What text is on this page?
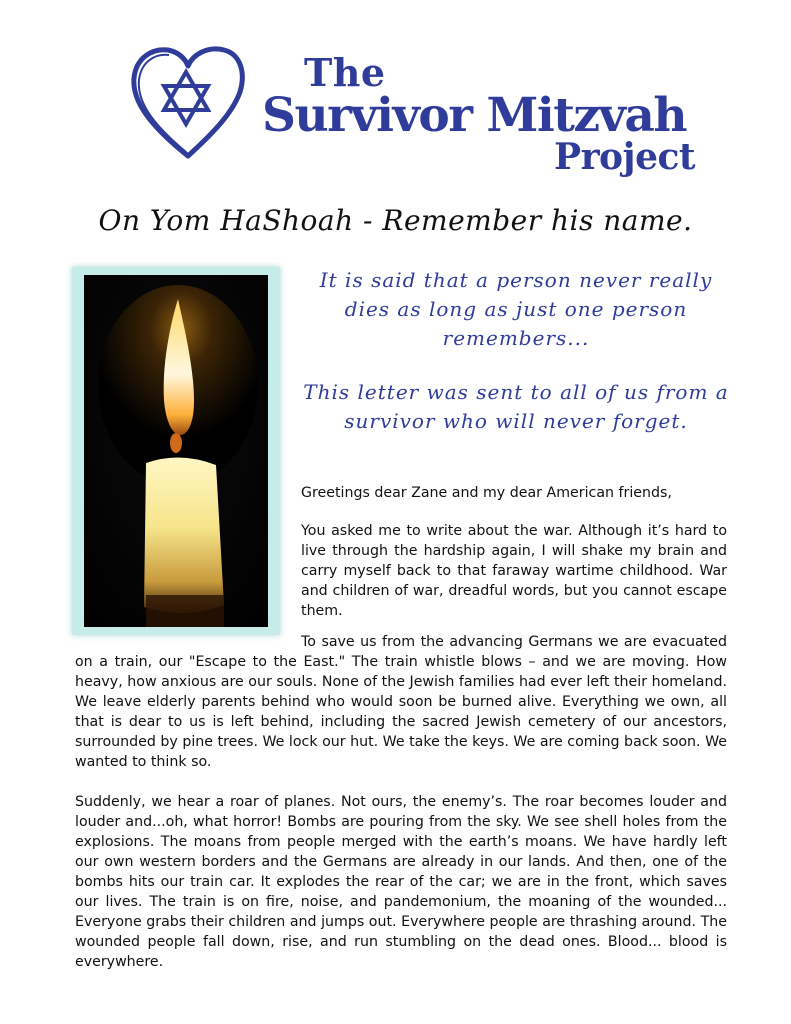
The
Survivor Mitzvah
Project
On Yom HaShoah - Remember his name.
It is said that a person never really dies as long as just one person remembers...
This letter was sent to all of us from a survivor who will never forget.
Greetings dear Zane and my dear American friends,
You asked me to write about the war. Although it’s hard to live through the hardship again, I will shake my brain and carry myself back to that faraway wartime childhood. War and children of war, dreadful words, but you cannot escape them.
To save us from the advancing Germans we are evacuated on a train, our "Escape to the East." The train whistle blows – and we are moving. How heavy, how anxious are our souls. None of the Jewish families had ever left their homeland. We leave elderly parents behind who would soon be burned alive. Everything we own, all that is dear to us is left behind, including the sacred Jewish cemetery of our ancestors, surrounded by pine trees. We lock our hut. We take the keys. We are coming back soon. We wanted to think so.
Suddenly, we hear a roar of planes. Not ours, the enemy’s. The roar becomes louder and louder and...oh, what horror! Bombs are pouring from the sky. We see shell holes from the explosions. The moans from people merged with the earth’s moans. We have hardly left our own western borders and the Germans are already in our lands. And then, one of the bombs hits our train car. It explodes the rear of the car; we are in the front, which saves our lives. The train is on fire, noise, and pandemonium, the moaning of the wounded... Everyone grabs their children and jumps out. Everywhere people are thrashing around. The wounded people fall down, rise, and run stumbling on the dead ones. Blood... blood is everywhere.
